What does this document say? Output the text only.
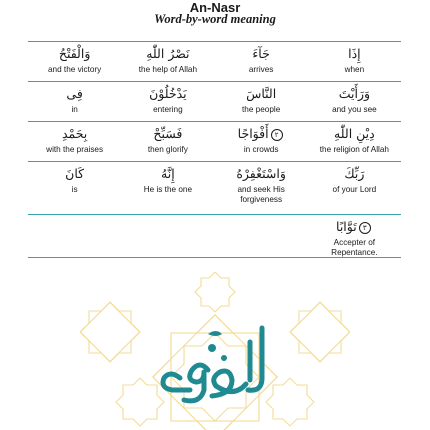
An-Nasr
Word-by-word meaning
وَالْفَتْحُ
and the victory
نَصْرُ اللّٰهِ
the help of Allah
جَآءَ
arrives
إِذَا
when
فِى
in
يَدْخُلُوْنَ
entering
النَّاسَ
the people
وَرَأَيْتَ
and you see
بِحَمْدِ
with the praises
فَسَبِّحْ
then glorify
٢أَفْوَاجًا
in crowds
دِيْنِ اللّٰهِ
the religion of Allah
كَانَ
is
إِنَّهُ
He is the one
وَاسْتَغْفِرْهُ
and seek His forgiveness
رَبِّكَ
of your Lord
٣تَوَّابًا
Accepter of Repentance.
